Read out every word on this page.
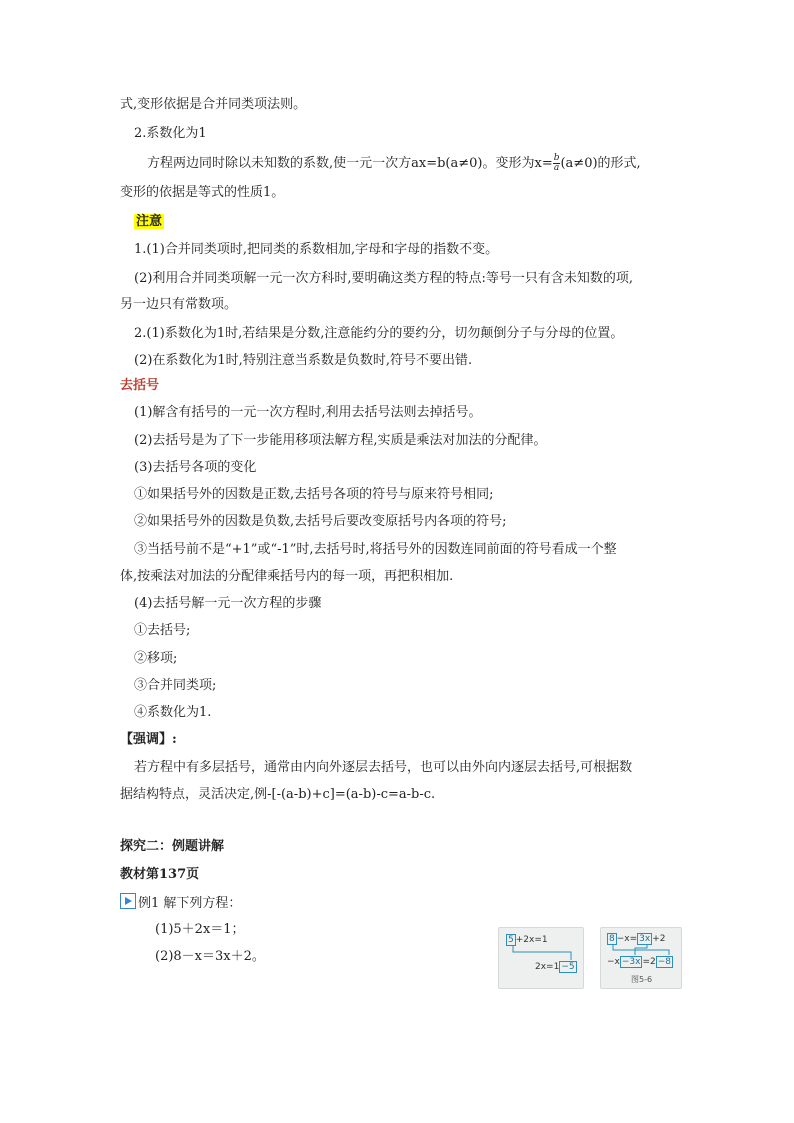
式,变形依据是合并同类项法则。
2.系数化为1
方程两边同时除以未知数的系数,使一元一次方ax=b(a≠0)。变形为$x= \frac{b}{a} (a\ne 0)$的形式,
变形的依据是等式的性质1。
注意
1.(1)合并同类项时,把同类的系数相加,字母和字母的指数不变。
(2)利用合并同类项解一元一次方科时,要明确这类方程的特点:等号一只有含未知数的项,
另一边只有常数项。
2.(1)系数化为1时,若结果是分数,注意能约分的要约分，切勿颠倒分子与分母的位置。
(2)在系数化为1时,特别注意当系数是负数时,符号不要出错.
去括号
(1)解含有括号的一元一次方程时,利用去括号法则去掉括号。
(2)去括号是为了下一步能用移项法解方程,实质是乘法对加法的分配律。
(3)去括号各项的变化
①如果括号外的因数是正数,去括号各项的符号与原来符号相同;
②如果括号外的因数是负数,去括号后要改变原括号内各项的符号;
③当括号前不是“+1”或“-1”时,去括号时,将括号外的因数连同前面的符号看成一个整
体,按乘法对加法的分配律乘括号内的每一项，再把积相加.
(4)去括号解一元一次方程的步骤
①去括号;
②移项;
③合并同类项;
④系数化为1.
【强调】:
若方程中有多层括号，通常由内向外逐层去括号，也可以由外向内逐层去括号,可根据数
据结构特点，灵活决定,例-[-(a-b)+c]=(a-b)-c=a-b-c.
探究二：例题讲解
教材第137页
例1 解下列方程：
(1)5＋2x＝1；
(2)8－x＝3x＋2。
5 +2x=1
2x=1 −5
8 −x= 3x +2
−x −3x =2 −8
图5-6
